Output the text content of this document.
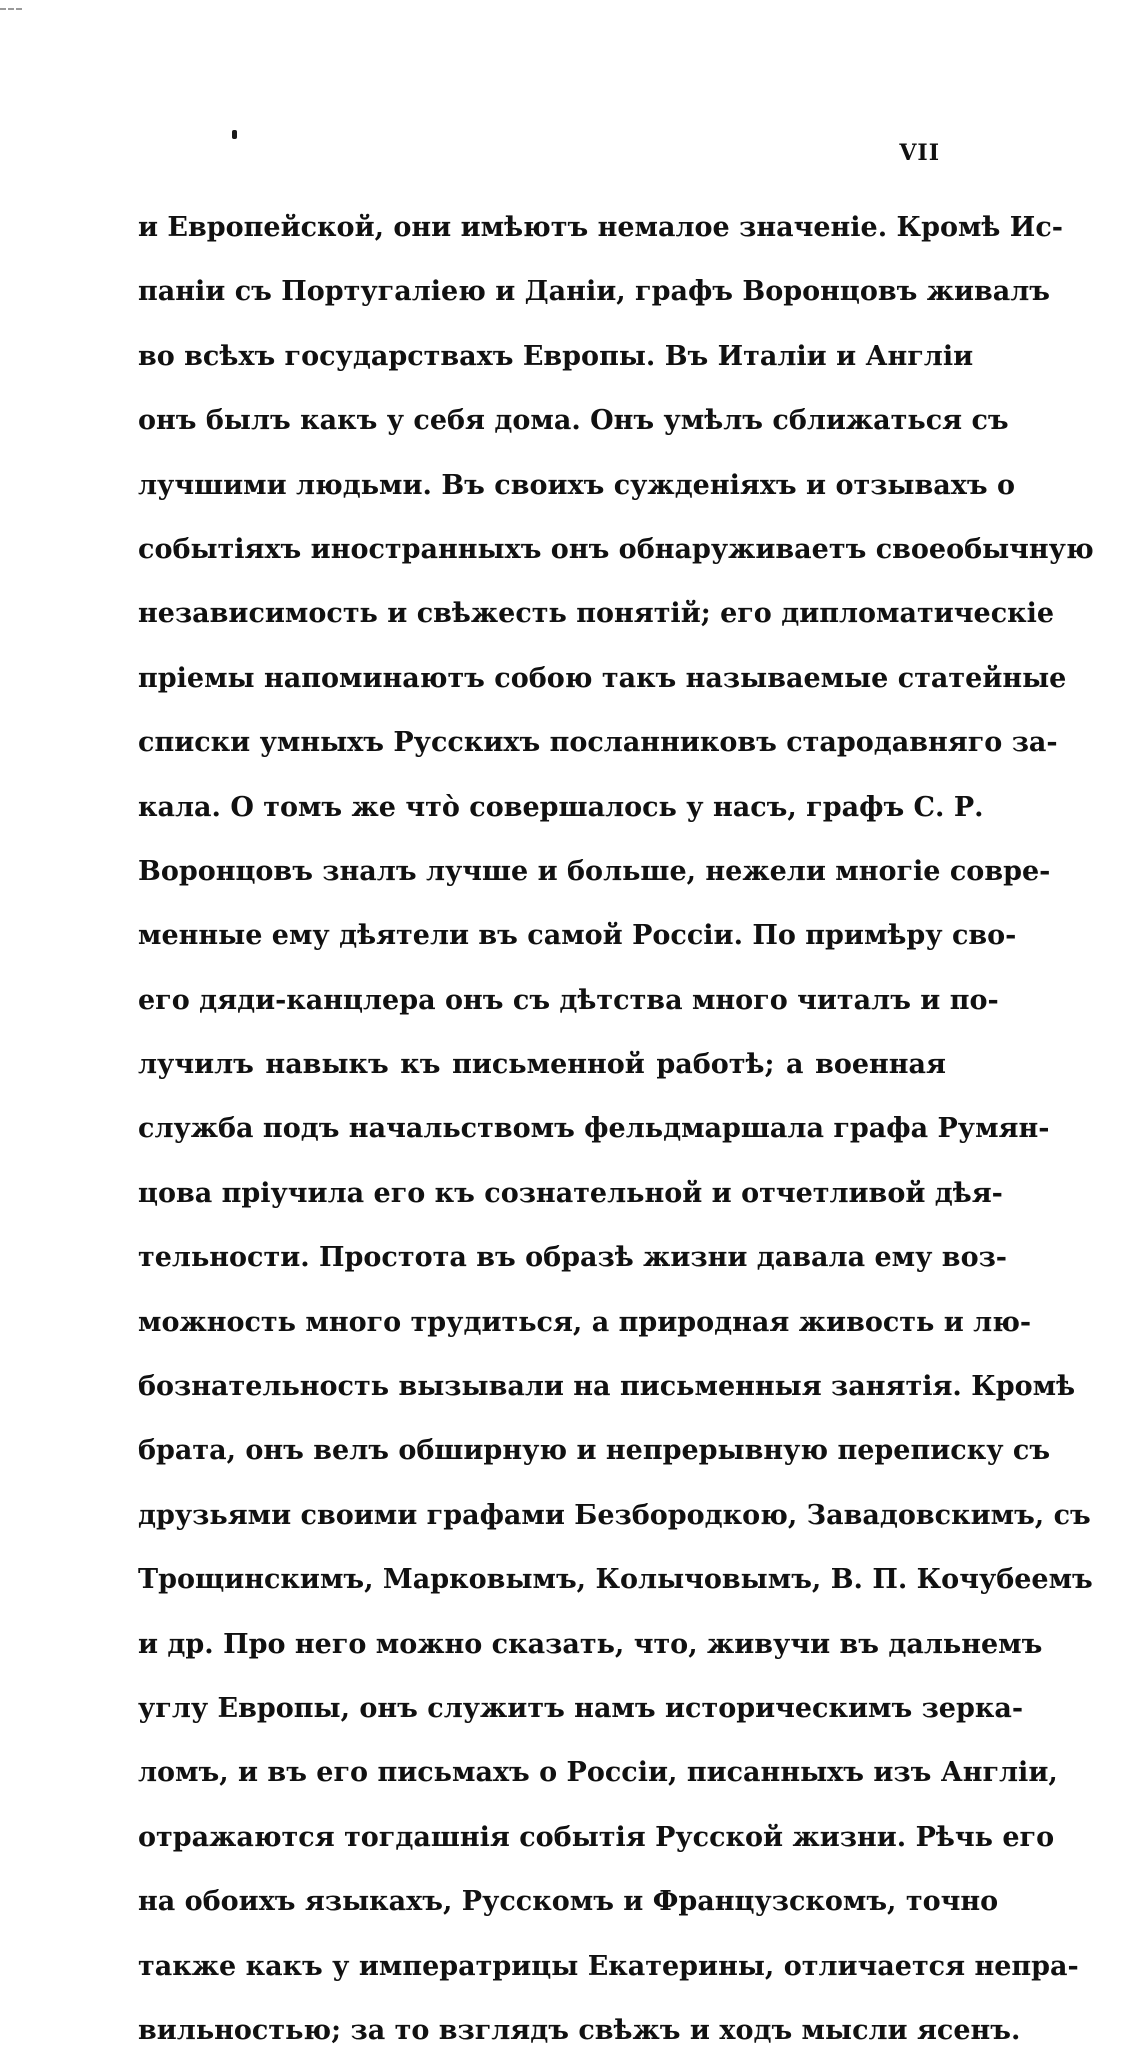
VII
и Европейской, они имѣютъ немалое значеніе. Кромѣ Ис-
паніи съ Португаліею и Даніи, графъ Воронцовъ живалъ
во всѣхъ государствахъ Европы. Въ Италіи и Англіи
онъ былъ какъ у себя дома. Онъ умѣлъ сближаться съ
лучшими людьми. Въ своихъ сужденіяхъ и отзывахъ о
событіяхъ иностранныхъ онъ обнаруживаетъ своеобычную
независимость и свѣжесть понятій; его дипломатическіе
пріемы напоминаютъ собою такъ называемые статейные
списки умныхъ Русскихъ посланниковъ стародавняго за-
кала. О томъ же что̀ совершалось у насъ, графъ С. Р.
Воронцовъ зналъ лучше и больше, нежели многіе совре-
менные ему дѣятели въ самой Россіи. По примѣру сво-
его дяди-канцлера онъ съ дѣтства много читалъ и по-
лучилъ навыкъ къ письменной работѣ; а военная
служба подъ начальствомъ фельдмаршала графа Румян-
цова пріучила его къ сознательной и отчетливой дѣя-
тельности. Простота въ образѣ жизни давала ему воз-
можность много трудиться, а природная живость и лю-
бознательность вызывали на письменныя занятія. Кромѣ
брата, онъ велъ обширную и непрерывную переписку съ
друзьями своими графами Безбородкою, Завадовскимъ, съ
Трощинскимъ, Марковымъ, Колычовымъ, В. П. Кочубеемъ
и др. Про него можно сказать, что, живучи въ дальнемъ
углу Европы, онъ служитъ намъ историческимъ зерка-
ломъ, и въ его письмахъ о Россіи, писанныхъ изъ Англіи,
отражаются тогдашнія событія Русской жизни. Рѣчь его
на обоихъ языкахъ, Русскомъ и Французскомъ, точно
также какъ у императрицы Екатерины, отличается непра-
вильностью; за то взглядъ свѣжъ и ходъ мысли ясенъ.
